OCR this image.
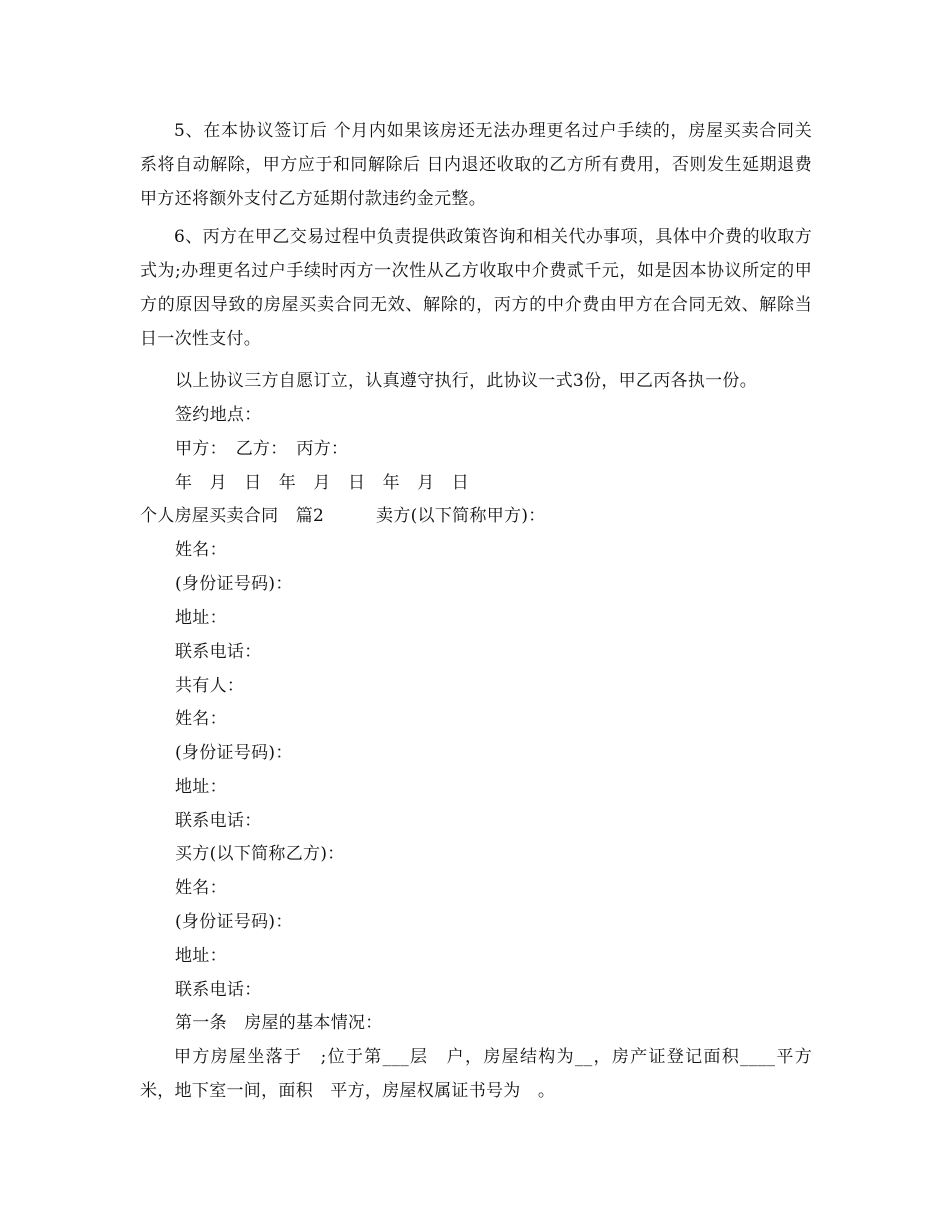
5、在本协议签订后 个月内如果该房还无法办理更名过户手续的，房屋买卖合同关系将自动解除，甲方应于和同解除后 日内退还收取的乙方所有费用，否则发生延期退费甲方还将额外支付乙方延期付款违约金元整。

6、丙方在甲乙交易过程中负责提供政策咨询和相关代办事项，具体中介费的收取方式为;办理更名过户手续时丙方一次性从乙方收取中介费贰千元，如是因本协议所定的甲方的原因导致的房屋买卖合同无效、解除的，丙方的中介费由甲方在合同无效、解除当日一次性支付。

以上协议三方自愿订立，认真遵守执行，此协议一式3份，甲乙丙各执一份。

签约地点：

甲方：　乙方：　丙方：

年　月　日　年　月　日　年　月　日

个人房屋买卖合同　篇2　　　卖方(以下简称甲方)：

姓名：

(身份证号码)：

地址：

联系电话：

共有人：

姓名：

(身份证号码)：

地址：

联系电话：

买方(以下简称乙方)：

姓名：

(身份证号码)：

地址：

联系电话：

第一条　房屋的基本情况：

甲方房屋坐落于　;位于第___层　户，房屋结构为__，房产证登记面积____平方米，地下室一间，面积　平方，房屋权属证书号为　。
